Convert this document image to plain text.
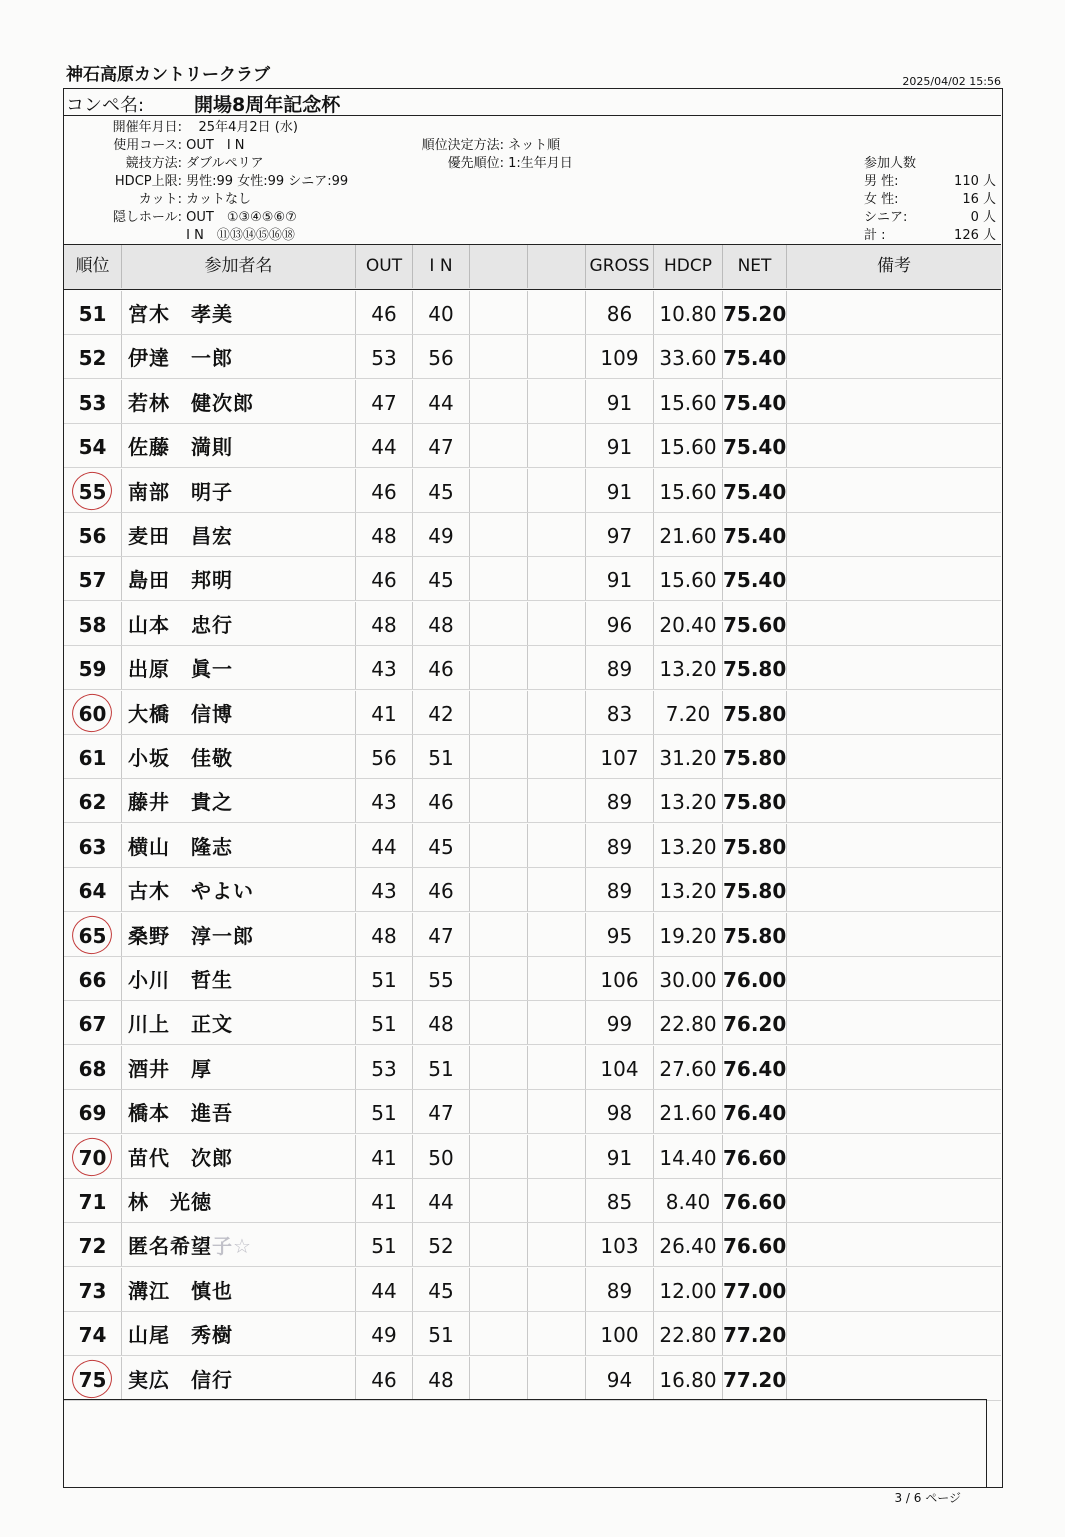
神石高原カントリークラブ	2025/04/02 15:56
コンペ名:	開場8周年記念杯
開催年月日: 25年4月2日 (水)
使用コース: OUT　I N
競技方法: ダブルペリア
HDCP上限: 男性:99 女性:99 シニア:99
カット: カットなし
隠しホール: OUT　①③④⑤⑥⑦
I N　⑪⑬⑭⑮⑯⑱
順位決定方法: ネット順
優先順位: 1:生年月日	参加人数
男 性:	110 人
女 性:	16 人
シニア:	0 人
計 :	126 人
順位	参加者名	OUT	I N	GROSS HDCP	NET	備考
51	宮木　孝美	46	40	86	10.80 75.20
52	伊達　一郎	53	56	109	33.60 75.40
53	若林　健次郎	47	44	91	15.60 75.40
54	佐藤　満則	44	47	91	15.60 75.40
55	南部　明子	46	45	91	15.60 75.40
56	麦田　昌宏	48	49	97	21.60 75.40
57	島田　邦明	46	45	91	15.60 75.40
58	山本　忠行	48	48	96	20.40 75.60
59	出原　眞一	43	46	89	13.20 75.80
60	大橋　信博	41	42	83	7.20 75.80
61	小坂　佳敬	56	51	107	31.20 75.80
62	藤井　貴之	43	46	89	13.20 75.80
63	横山　隆志	44	45	89	13.20 75.80
64	古木　やよい	43	46	89	13.20 75.80
65	桑野　淳一郎	48	47	95	19.20 75.80
66	小川　哲生	51	55	106	30.00 76.00
67	川上　正文	51	48	99	22.80 76.20
68	酒井　厚	53	51	104	27.60 76.40
69	橋本　進吾	51	47	98	21.60 76.40
70	苗代　次郎	41	50	91	14.40 76.60
71	林　光徳	41	44	85	8.40 76.60
72	匿名希望子☆	51	52	103	26.40 76.60
73	溝江　慎也	44	45	89	12.00 77.00
74	山尾　秀樹	49	51	100	22.80 77.20
75	実広　信行	46	48	94	16.80 77.20
3 / 6 ページ
